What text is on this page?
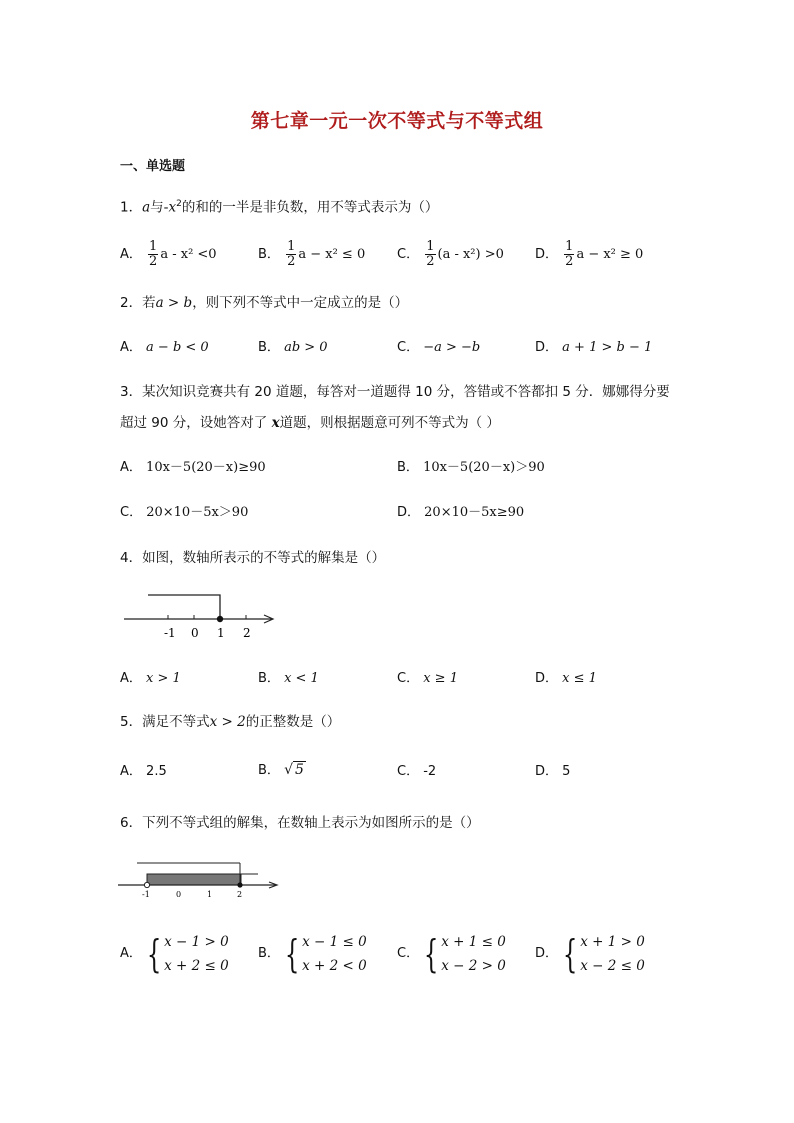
第七章一元一次不等式与不等式组
一、单选题
1．a与$-x^2$的和的一半是非负数，用不等式表示为（）
A． $\frac{1}{2}$ a - x² <0	B． $\frac{1}{2}$ a − x² ≤ 0 C． $\frac{1}{2} (a - x^2) >0$ D． $\frac{1}{2}$ a − x² ≥ 0
2．若a > b，则下列不等式中一定成立的是（）
A． a − b < 0	B． ab > 0	C． −a > −b	D． a + 1 > b − 1
3．某次知识竞赛共有 20 道题，每答对一道题得 10 分，答错或不答都扣 5 分．娜娜得分要
超过 90 分，设她答对了 x道题，则根据题意可列不等式为（ ）
A． 10x－5(20－x)≥90	B． 10x－5(20－x)＞90
C． 20×10－5x＞90	D． 20×10－5x≥90
4．如图，数轴所表示的不等式的解集是（）
-1 0 1 2
A． x > 1	B． x < 1	C． x ≥ 1	D． x ≤ 1
5．满足不等式x > 2的正整数是（）
A． 2.5	B． √ 5	C． -2	D． 5
6．下列不等式组的解集，在数轴上表示为如图所示的是（）
-1	0	1	2
A． { x − 1 > 0
x + 2 ≤ 0
B． { x − 1 ≤ 0
x + 2 < 0
C． { x + 1 ≤ 0
x − 2 > 0
D． { x + 1 > 0
x − 2 ≤ 0
